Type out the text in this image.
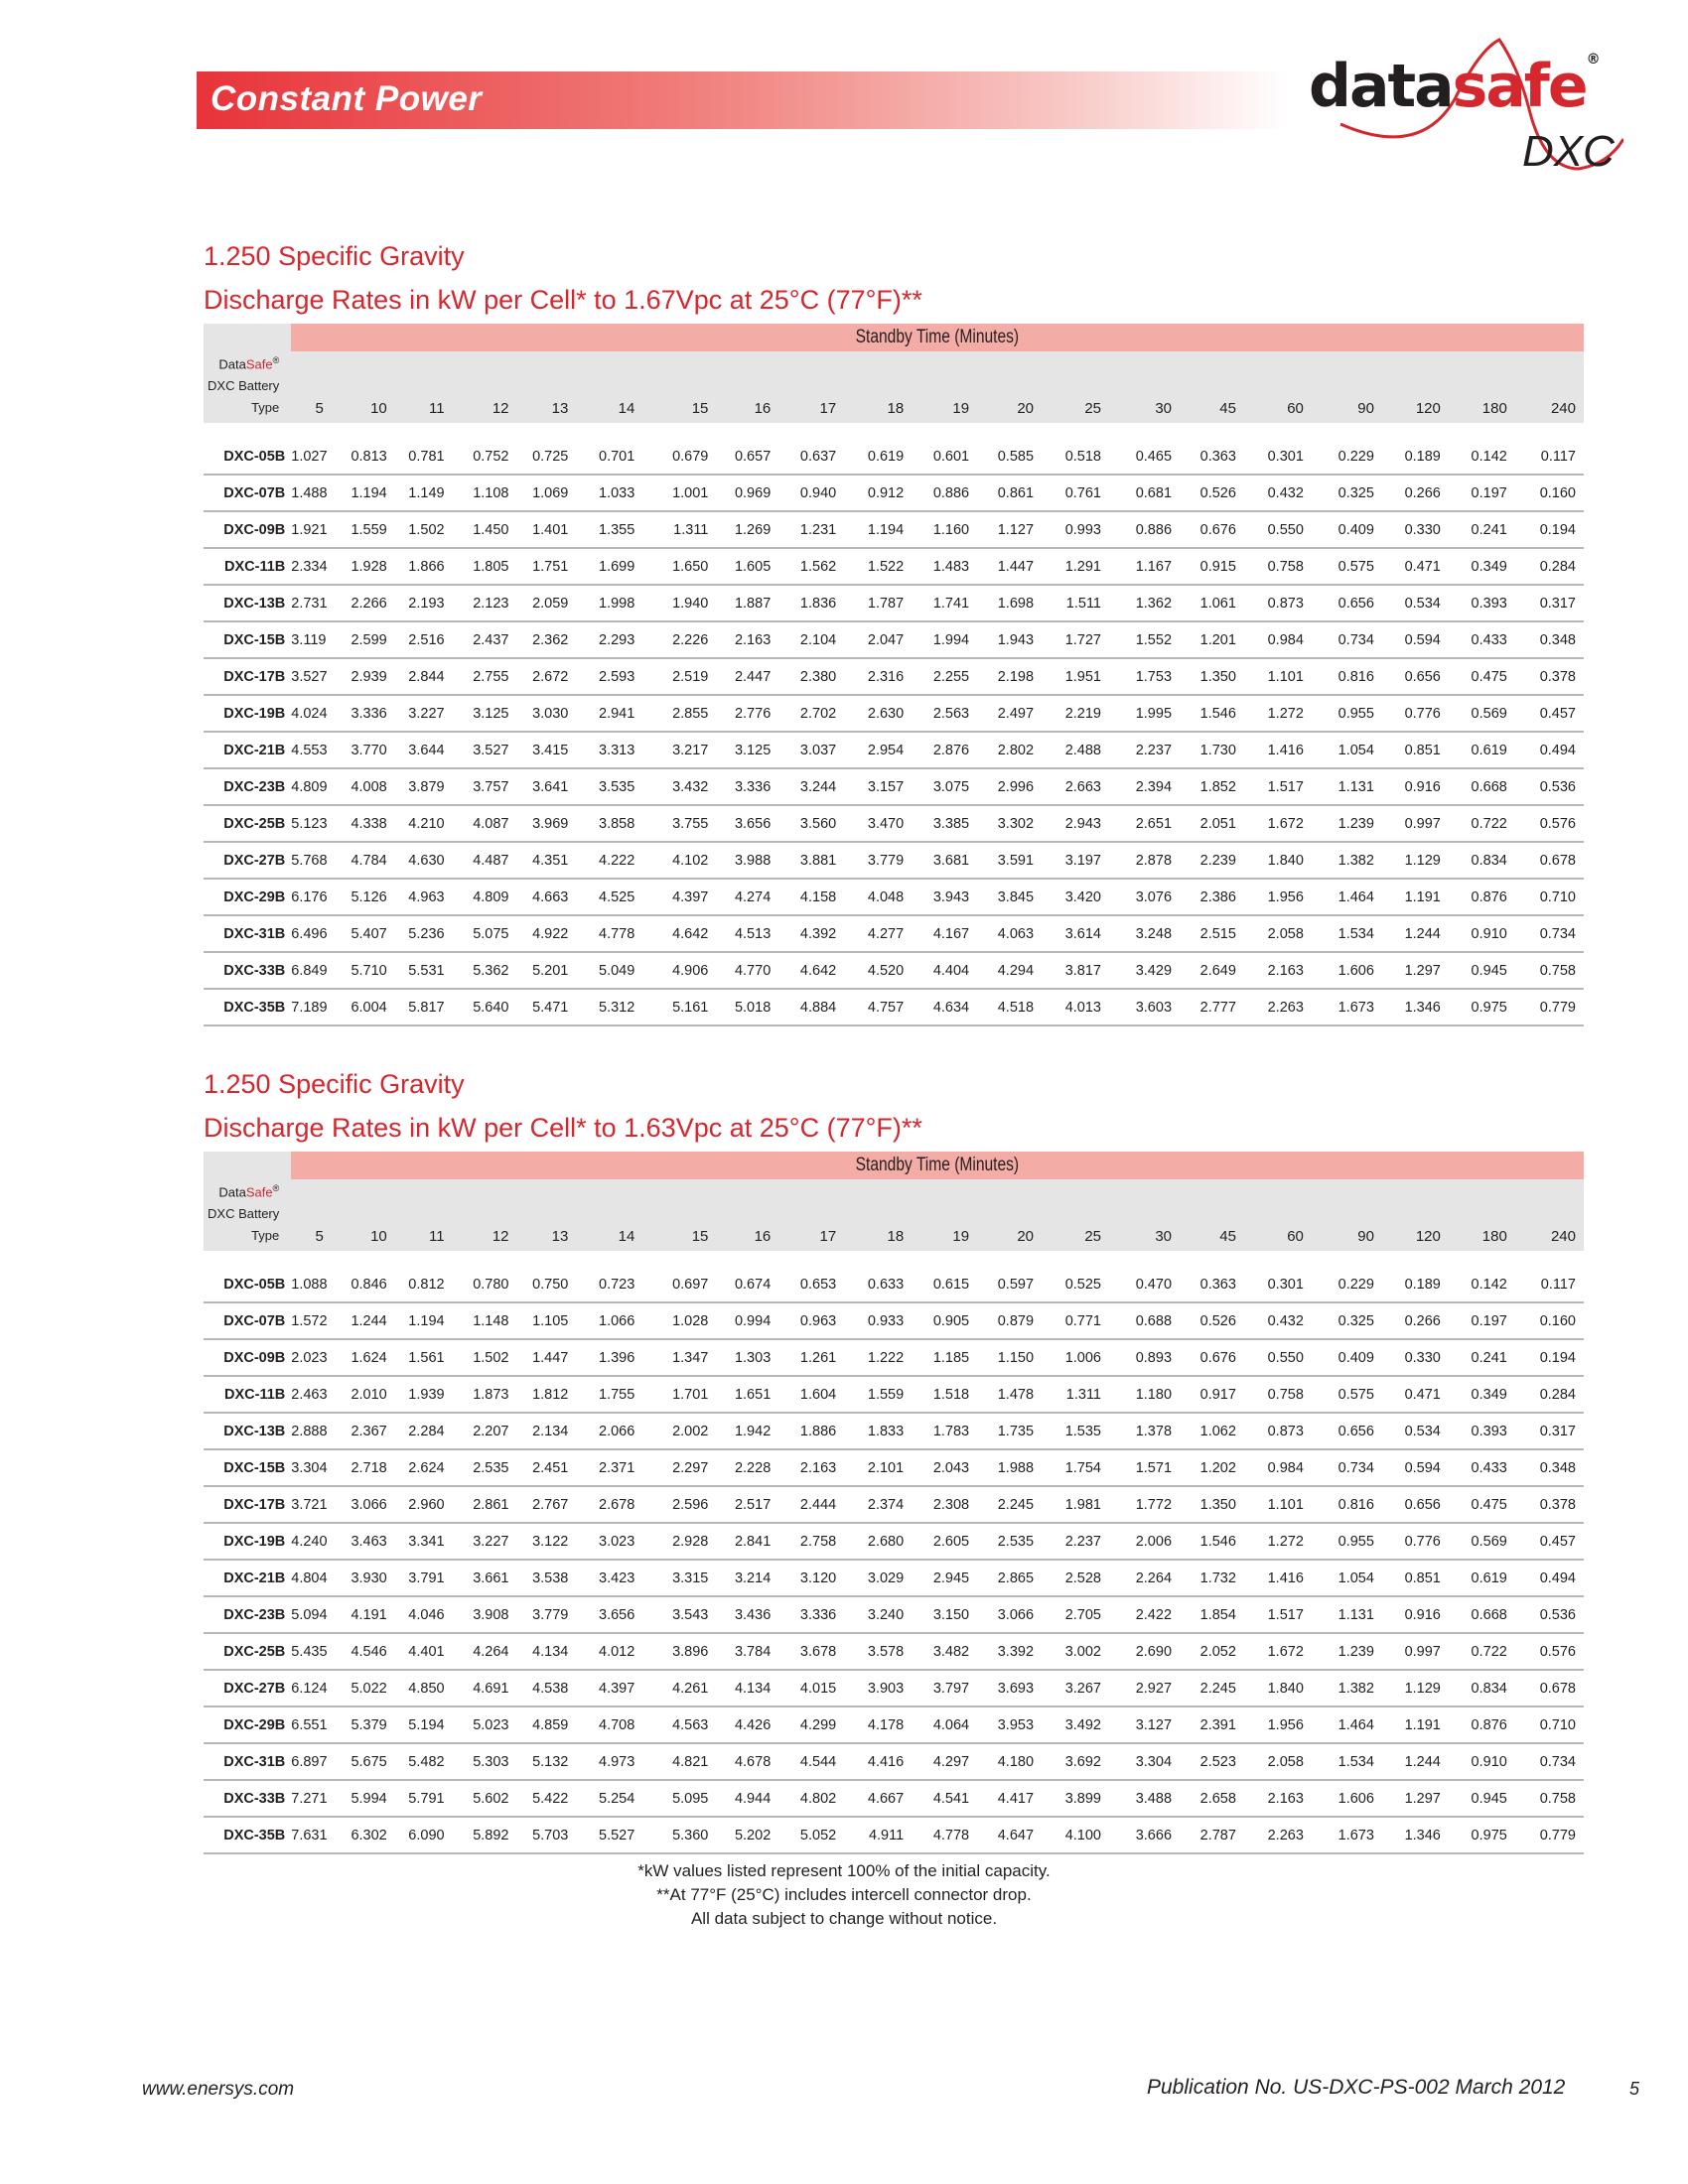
Constant Power	datasafe®
DXC
1.250 Specific Gravity
Discharge Rates in kW per Cell* to 1.67Vpc at 25°C (77°F)**
DataSafe®
DXC Battery
Type	Standby Time (Minutes)																			

	5	10	11	12	13	14	15	16	17	18	19	20	25	30	45	60	90	120	180	240

DXC-05B	1.027	0.813	0.781	0.752	0.725	0.701	0.679	0.657	0.637	0.619	0.601	0.585	0.518	0.465	0.363	0.301	0.229	0.189	0.142	0.117
DXC-07B	1.488	1.194	1.149	1.108	1.069	1.033	1.001	0.969	0.940	0.912	0.886	0.861	0.761	0.681	0.526	0.432	0.325	0.266	0.197	0.160
DXC-09B	1.921	1.559	1.502	1.450	1.401	1.355	1.311	1.269	1.231	1.194	1.160	1.127	0.993	0.886	0.676	0.550	0.409	0.330	0.241	0.194
DXC-11B	2.334	1.928	1.866	1.805	1.751	1.699	1.650	1.605	1.562	1.522	1.483	1.447	1.291	1.167	0.915	0.758	0.575	0.471	0.349	0.284
DXC-13B	2.731	2.266	2.193	2.123	2.059	1.998	1.940	1.887	1.836	1.787	1.741	1.698	1.511	1.362	1.061	0.873	0.656	0.534	0.393	0.317
DXC-15B	3.119	2.599	2.516	2.437	2.362	2.293	2.226	2.163	2.104	2.047	1.994	1.943	1.727	1.552	1.201	0.984	0.734	0.594	0.433	0.348
DXC-17B	3.527	2.939	2.844	2.755	2.672	2.593	2.519	2.447	2.380	2.316	2.255	2.198	1.951	1.753	1.350	1.101	0.816	0.656	0.475	0.378
DXC-19B	4.024	3.336	3.227	3.125	3.030	2.941	2.855	2.776	2.702	2.630	2.563	2.497	2.219	1.995	1.546	1.272	0.955	0.776	0.569	0.457
DXC-21B	4.553	3.770	3.644	3.527	3.415	3.313	3.217	3.125	3.037	2.954	2.876	2.802	2.488	2.237	1.730	1.416	1.054	0.851	0.619	0.494
DXC-23B	4.809	4.008	3.879	3.757	3.641	3.535	3.432	3.336	3.244	3.157	3.075	2.996	2.663	2.394	1.852	1.517	1.131	0.916	0.668	0.536
DXC-25B	5.123	4.338	4.210	4.087	3.969	3.858	3.755	3.656	3.560	3.470	3.385	3.302	2.943	2.651	2.051	1.672	1.239	0.997	0.722	0.576
DXC-27B	5.768	4.784	4.630	4.487	4.351	4.222	4.102	3.988	3.881	3.779	3.681	3.591	3.197	2.878	2.239	1.840	1.382	1.129	0.834	0.678
DXC-29B	6.176	5.126	4.963	4.809	4.663	4.525	4.397	4.274	4.158	4.048	3.943	3.845	3.420	3.076	2.386	1.956	1.464	1.191	0.876	0.710
DXC-31B	6.496	5.407	5.236	5.075	4.922	4.778	4.642	4.513	4.392	4.277	4.167	4.063	3.614	3.248	2.515	2.058	1.534	1.244	0.910	0.734
DXC-33B	6.849	5.710	5.531	5.362	5.201	5.049	4.906	4.770	4.642	4.520	4.404	4.294	3.817	3.429	2.649	2.163	1.606	1.297	0.945	0.758
DXC-35B	7.189	6.004	5.817	5.640	5.471	5.312	5.161	5.018	4.884	4.757	4.634	4.518	4.013	3.603	2.777	2.263	1.673	1.346	0.975	0.779
1.250 Specific Gravity
Discharge Rates in kW per Cell* to 1.63Vpc at 25°C (77°F)**
DataSafe®
DXC Battery
Type	Standby Time (Minutes)																			

	5	10	11	12	13	14	15	16	17	18	19	20	25	30	45	60	90	120	180	240

DXC-05B	1.088	0.846	0.812	0.780	0.750	0.723	0.697	0.674	0.653	0.633	0.615	0.597	0.525	0.470	0.363	0.301	0.229	0.189	0.142	0.117
DXC-07B	1.572	1.244	1.194	1.148	1.105	1.066	1.028	0.994	0.963	0.933	0.905	0.879	0.771	0.688	0.526	0.432	0.325	0.266	0.197	0.160
DXC-09B	2.023	1.624	1.561	1.502	1.447	1.396	1.347	1.303	1.261	1.222	1.185	1.150	1.006	0.893	0.676	0.550	0.409	0.330	0.241	0.194
DXC-11B	2.463	2.010	1.939	1.873	1.812	1.755	1.701	1.651	1.604	1.559	1.518	1.478	1.311	1.180	0.917	0.758	0.575	0.471	0.349	0.284
DXC-13B	2.888	2.367	2.284	2.207	2.134	2.066	2.002	1.942	1.886	1.833	1.783	1.735	1.535	1.378	1.062	0.873	0.656	0.534	0.393	0.317
DXC-15B	3.304	2.718	2.624	2.535	2.451	2.371	2.297	2.228	2.163	2.101	2.043	1.988	1.754	1.571	1.202	0.984	0.734	0.594	0.433	0.348
DXC-17B	3.721	3.066	2.960	2.861	2.767	2.678	2.596	2.517	2.444	2.374	2.308	2.245	1.981	1.772	1.350	1.101	0.816	0.656	0.475	0.378
DXC-19B	4.240	3.463	3.341	3.227	3.122	3.023	2.928	2.841	2.758	2.680	2.605	2.535	2.237	2.006	1.546	1.272	0.955	0.776	0.569	0.457
DXC-21B	4.804	3.930	3.791	3.661	3.538	3.423	3.315	3.214	3.120	3.029	2.945	2.865	2.528	2.264	1.732	1.416	1.054	0.851	0.619	0.494
DXC-23B	5.094	4.191	4.046	3.908	3.779	3.656	3.543	3.436	3.336	3.240	3.150	3.066	2.705	2.422	1.854	1.517	1.131	0.916	0.668	0.536
DXC-25B	5.435	4.546	4.401	4.264	4.134	4.012	3.896	3.784	3.678	3.578	3.482	3.392	3.002	2.690	2.052	1.672	1.239	0.997	0.722	0.576
DXC-27B	6.124	5.022	4.850	4.691	4.538	4.397	4.261	4.134	4.015	3.903	3.797	3.693	3.267	2.927	2.245	1.840	1.382	1.129	0.834	0.678
DXC-29B	6.551	5.379	5.194	5.023	4.859	4.708	4.563	4.426	4.299	4.178	4.064	3.953	3.492	3.127	2.391	1.956	1.464	1.191	0.876	0.710
DXC-31B	6.897	5.675	5.482	5.303	5.132	4.973	4.821	4.678	4.544	4.416	4.297	4.180	3.692	3.304	2.523	2.058	1.534	1.244	0.910	0.734
DXC-33B	7.271	5.994	5.791	5.602	5.422	5.254	5.095	4.944	4.802	4.667	4.541	4.417	3.899	3.488	2.658	2.163	1.606	1.297	0.945	0.758
DXC-35B	7.631	6.302	6.090	5.892	5.703	5.527	5.360	5.202	5.052	4.911	4.778	4.647	4.100	3.666	2.787	2.263	1.673	1.346	0.975	0.779
*kW values listed represent 100% of the initial capacity.
**At 77°F (25°C) includes intercell connector drop.
All data subject to change without notice.
www.enersys.com	Publication No. US-DXC-PS-002 March 2012	5
